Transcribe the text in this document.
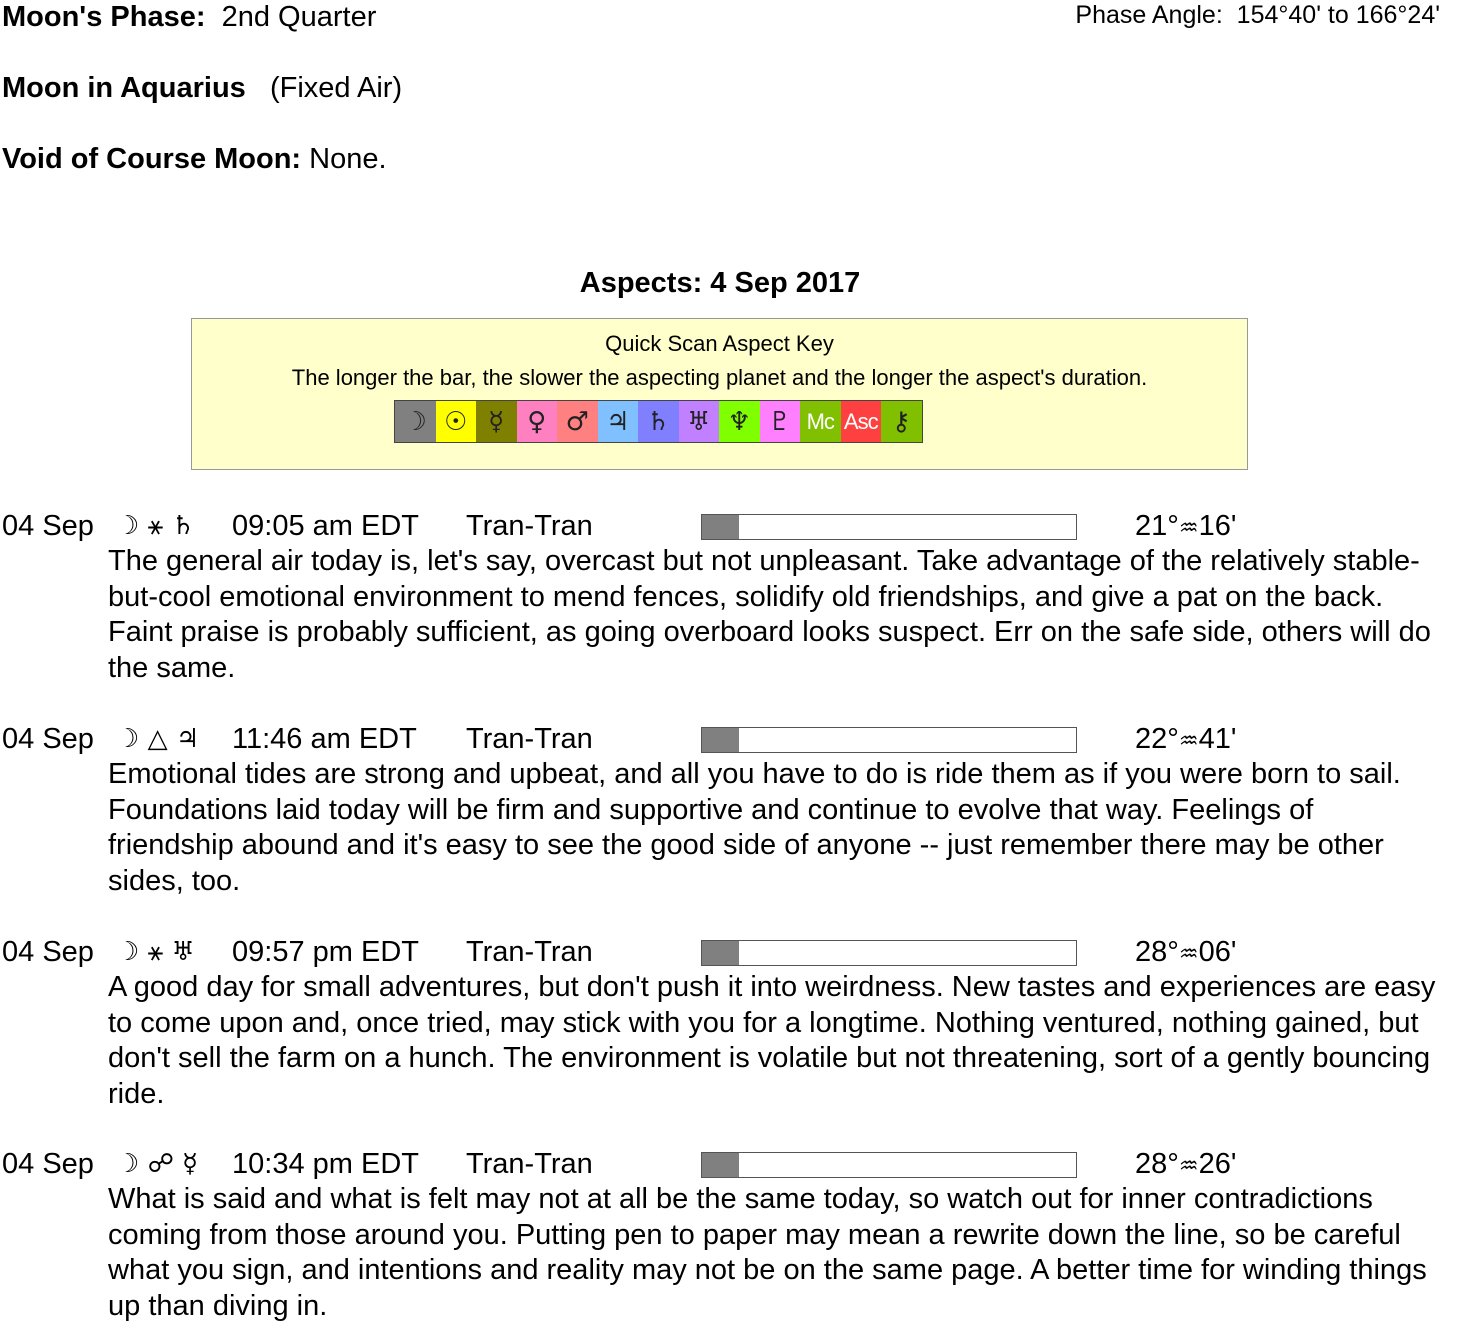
Moon's Phase: 2nd Quarter	Phase Angle: 154°40' to 166°24'
Moon in Aquarius (Fixed Air)
Void of Course Moon: None.
Aspects: 4 Sep 2017
Quick Scan Aspect Key
The longer the bar, the slower the aspecting planet and the longer the aspect's duration.
☽ ☉ ☿ ♀ ♂ ♃ ♄ ♅ ♆ ♇ Mc Asc ⚷
04 Sep ☽ ⚹ ♄ 09:05 am EDT Tran-Tran	21°♒16'
The general air today is, let's say, overcast but not unpleasant. Take advantage of the relatively stable-but-cool emotional environment to mend fences, solidify old friendships, and give a pat on the back. Faint praise is probably sufficient, as going overboard looks suspect. Err on the safe side, others will do the same.
04 Sep ☽ △ ♃ 11:46 am EDT Tran-Tran	22°♒41'
Emotional tides are strong and upbeat, and all you have to do is ride them as if you were born to sail. Foundations laid today will be firm and supportive and continue to evolve that way. Feelings of friendship abound and it's easy to see the good side of anyone -- just remember there may be other sides, too.
04 Sep ☽ ⚹ ♅ 09:57 pm EDT Tran-Tran	28°♒06'
A good day for small adventures, but don't push it into weirdness. New tastes and experiences are easy to come upon and, once tried, may stick with you for a longtime. Nothing ventured, nothing gained, but don't sell the farm on a hunch. The environment is volatile but not threatening, sort of a gently bouncing ride.
04 Sep ☽ ☍ ☿ 10:34 pm EDT Tran-Tran	28°♒26'
What is said and what is felt may not at all be the same today, so watch out for inner contradictions coming from those around you. Putting pen to paper may mean a rewrite down the line, so be careful what you sign, and intentions and reality may not be on the same page. A better time for winding things up than diving in.
